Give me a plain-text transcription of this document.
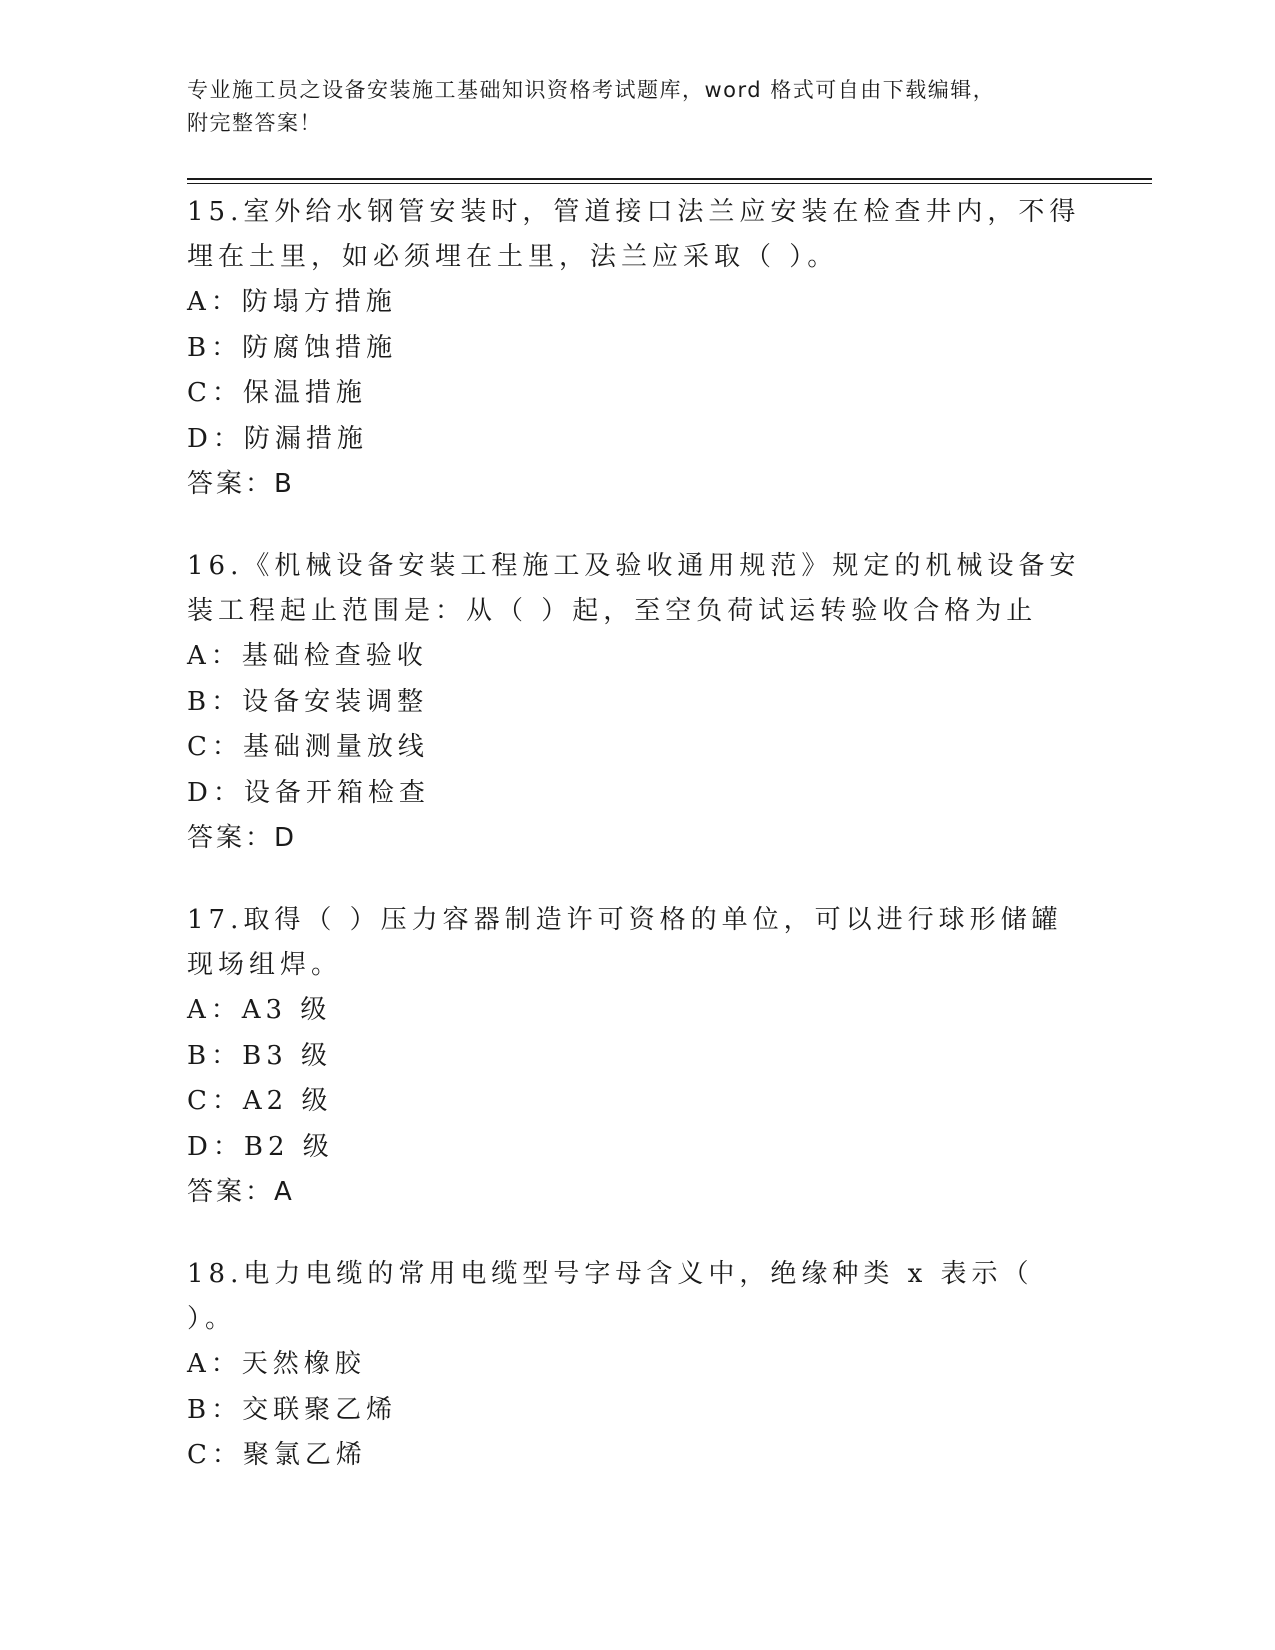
专业施工员之设备安装施工基础知识资格考试题库，word 格式可自由下载编辑，
附完整答案！

15.室外给水钢管安装时，管道接口法兰应安装在检查井内，不得埋在土里，如必须埋在土里，法兰应采取（ ）。

A：防塌方措施

B：防腐蚀措施

C：保温措施

D：防漏措施

答案：B

16.《机械设备安装工程施工及验收通用规范》规定的机械设备安装工程起止范围是：从（ ）起，至空负荷试运转验收合格为止

A：基础检查验收

B：设备安装调整

C：基础测量放线

D：设备开箱检查

答案：D

17.取得（ ）压力容器制造许可资格的单位，可以进行球形储罐现场组焊。

A：A3 级

B：B3 级

C：A2 级

D：B2 级

答案：A

18.电力电缆的常用电缆型号字母含义中，绝缘种类 x 表示（ ）。

A：天然橡胶

B：交联聚乙烯

C：聚氯乙烯
